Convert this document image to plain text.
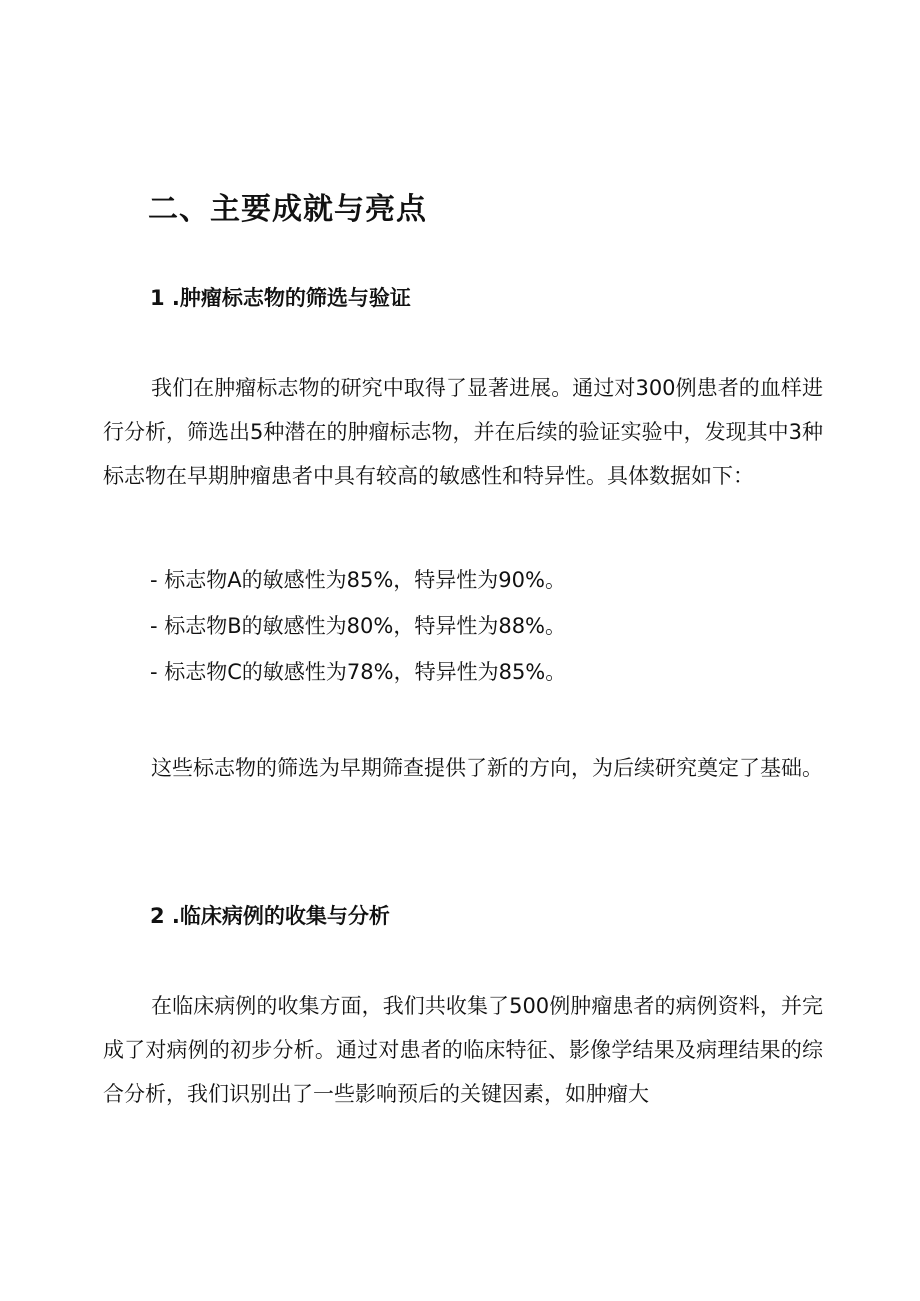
二、主要成就与亮点
1 .肿瘤标志物的筛选与验证

我们在肿瘤标志物的研究中取得了显著进展。通过对300例患者的血样进行分析，筛选出5种潜在的肿瘤标志物，并在后续的验证实验中，发现其中3种标志物在早期肿瘤患者中具有较高的敏感性和特异性。具体数据如下：

- 标志物A的敏感性为85%，特异性为90%。
- 标志物B的敏感性为80%，特异性为88%。
- 标志物C的敏感性为78%，特异性为85%。

这些标志物的筛选为早期筛查提供了新的方向，为后续研究奠定了基础。

2 .临床病例的收集与分析

在临床病例的收集方面，我们共收集了500例肿瘤患者的病例资料，并完成了对病例的初步分析。通过对患者的临床特征、影像学结果及病理结果的综合分析，我们识别出了一些影响预后的关键因素，如肿瘤大
